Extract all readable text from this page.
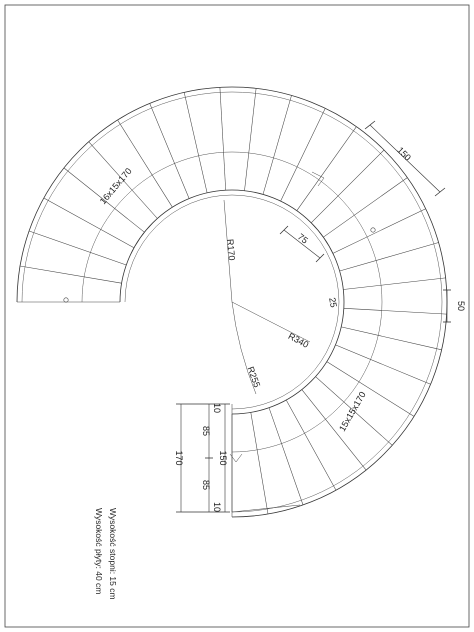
150
50
75
25
R170
R340
R255
16x15x170
15x15x170
170
85
85
150
10
10
Wysokość stopni: 15 cm
Wysokość płyty: 40 cm
